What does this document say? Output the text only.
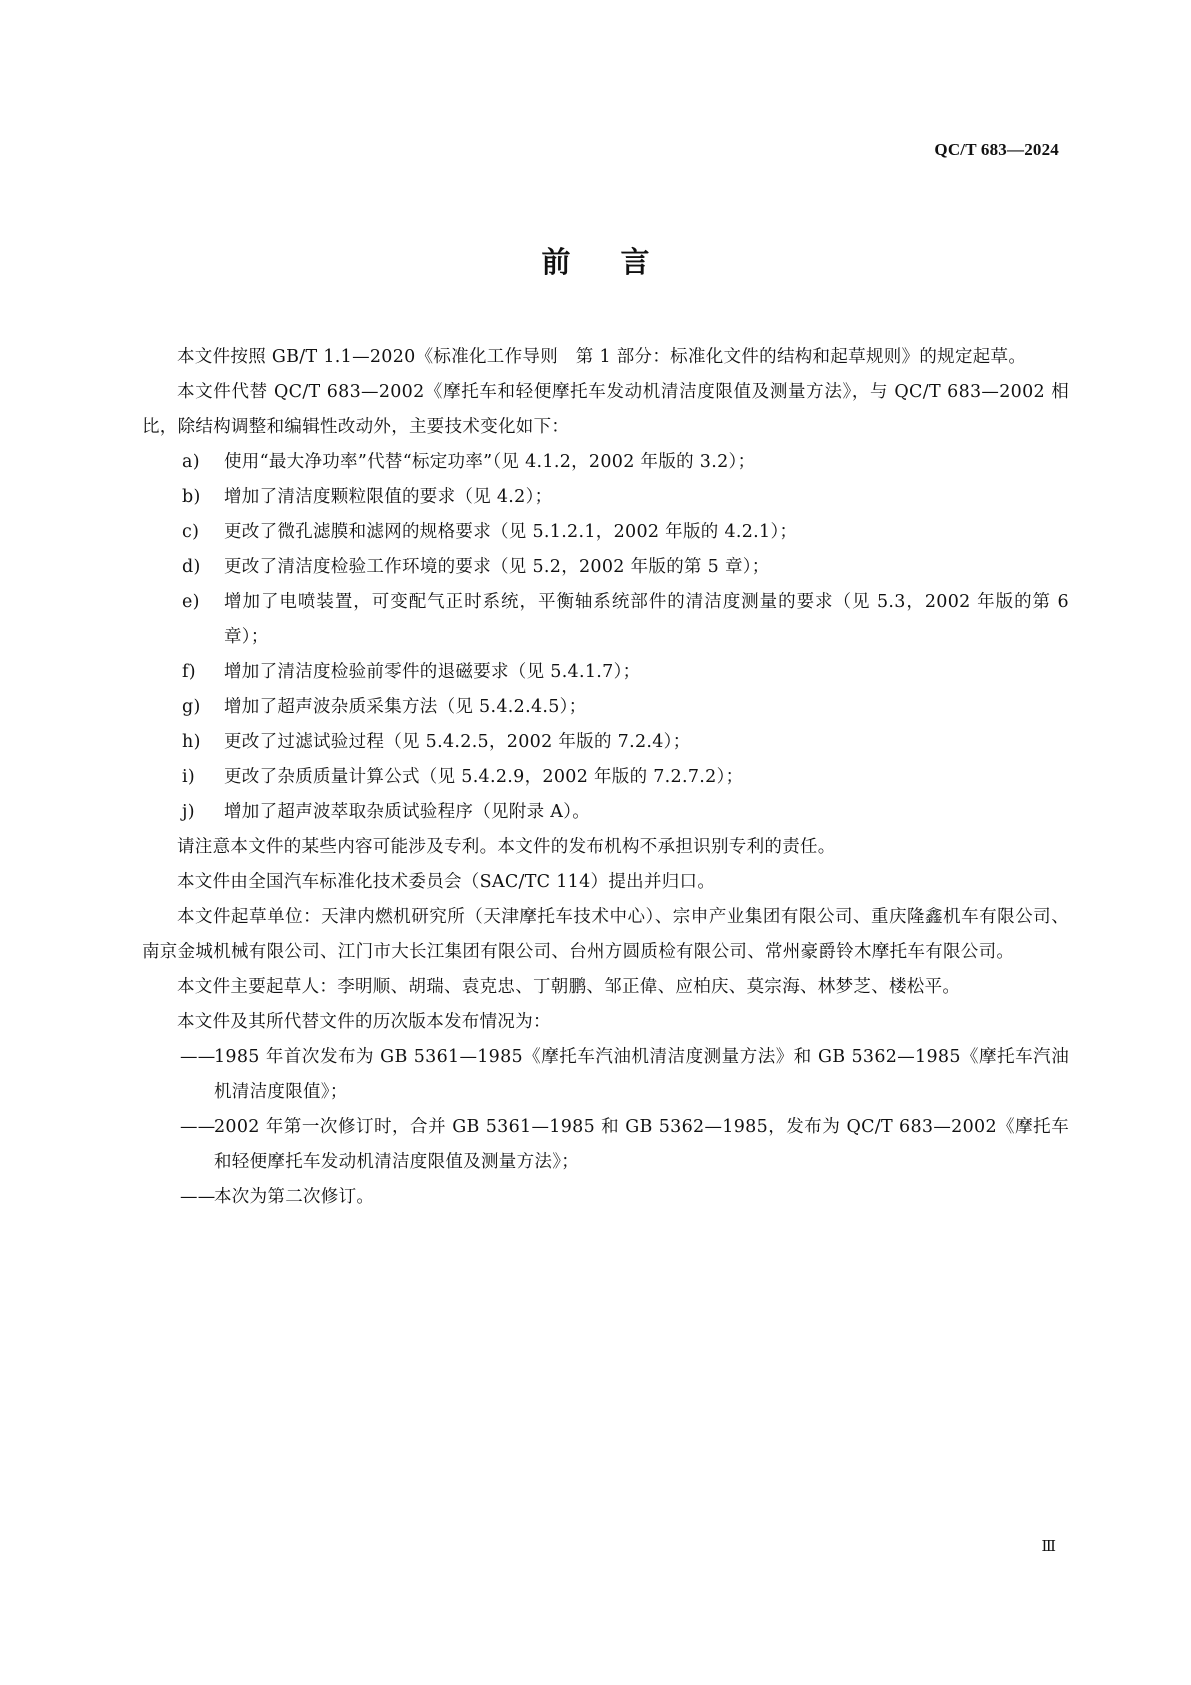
QC/T 683—2024
前言

本文件按照 GB/T 1.1—2020《标准化工作导则　第 1 部分：标准化文件的结构和起草规则》的规定起草。

本文件代替 QC/T 683—2002《摩托车和轻便摩托车发动机清洁度限值及测量方法》，与 QC/T 683—2002 相比，除结构调整和编辑性改动外，主要技术变化如下：

a)	使用“最大净功率”代替“标定功率”（见 4.1.2，2002 年版的 3.2）；
b)	增加了清洁度颗粒限值的要求（见 4.2）；
c)	更改了微孔滤膜和滤网的规格要求（见 5.1.2.1，2002 年版的 4.2.1）；
d)	更改了清洁度检验工作环境的要求（见 5.2，2002 年版的第 5 章）；
e)	增加了电喷装置，可变配气正时系统，平衡轴系统部件的清洁度测量的要求（见 5.3，2002 年版的第 6 章）；
f)	增加了清洁度检验前零件的退磁要求（见 5.4.1.7）；
g)	增加了超声波杂质采集方法（见 5.4.2.4.5）；
h)	更改了过滤试验过程（见 5.4.2.5，2002 年版的 7.2.4）；
i)	更改了杂质质量计算公式（见 5.4.2.9，2002 年版的 7.2.7.2）；
j)	增加了超声波萃取杂质试验程序（见附录 A）。

请注意本文件的某些内容可能涉及专利。本文件的发布机构不承担识别专利的责任。

本文件由全国汽车标准化技术委员会（SAC/TC 114）提出并归口。

本文件起草单位：天津内燃机研究所（天津摩托车技术中心）、宗申产业集团有限公司、重庆隆鑫机车有限公司、南京金城机械有限公司、江门市大长江集团有限公司、台州方圆质检有限公司、常州豪爵铃木摩托车有限公司。

本文件主要起草人：李明顺、胡瑞、袁克忠、丁朝鹏、邹正偉、应柏庆、莫宗海、林梦芝、楼松平。

本文件及其所代替文件的历次版本发布情况为：

——
1985 年首次发布为 GB 5361—1985《摩托车汽油机清洁度测量方法》和 GB 5362—1985《摩托车汽油机清洁度限值》；
——
2002 年第一次修订时，合并 GB 5361—1985 和 GB 5362—1985，发布为 QC/T 683—2002《摩托车和轻便摩托车发动机清洁度限值及测量方法》；
——
本次为第二次修订。
Ⅲ
